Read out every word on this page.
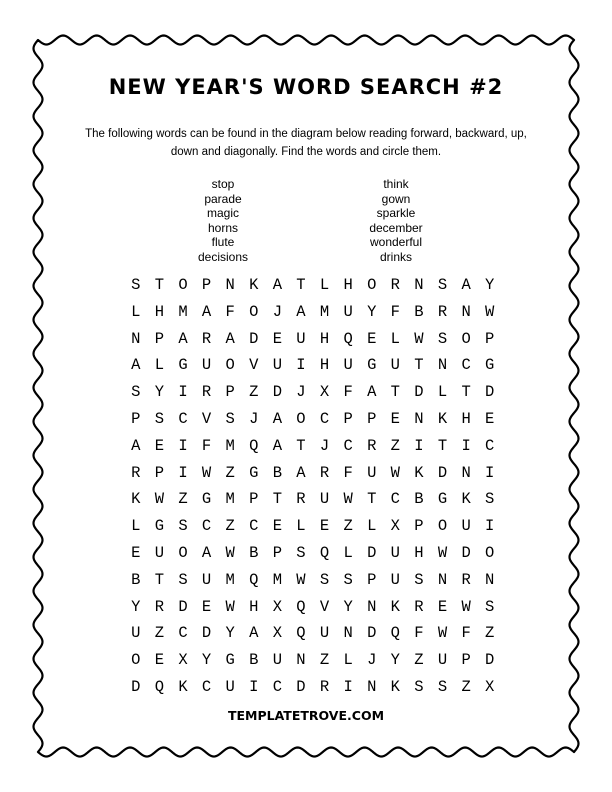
NEW YEAR'S WORD SEARCH #2
The following words can be found in the diagram below reading forward, backward, up, down and diagonally. Find the words and circle them.
stop
parade
magic
horns
flute
decisions
think
gown
sparkle
december
wonderful
drinks
S T O P N K A T L H O R N S A Y
L H M A F O J A M U Y F B R N W
N P A R A D E U H Q E L W S O P
A L G U O V U I H U G U T N C G
S Y I R P Z D J X F A T D L T D
P S C V S J A O C P P E N K H E
A E I F M Q A T J C R Z I T I C
R P I W Z G B A R F U W K D N I
K W Z G M P T R U W T C B G K S
L G S C Z C E L E Z L X P O U I
E U O A W B P S Q L D U H W D O
B T S U M Q M W S S P U S N R N
Y R D E W H X Q V Y N K R E W S
U Z C D Y A X Q U N D Q F W F Z
O E X Y G B U N Z L J Y Z U P D
D Q K C U I C D R I N K S S Z X
TEMPLATETROVE.COM
